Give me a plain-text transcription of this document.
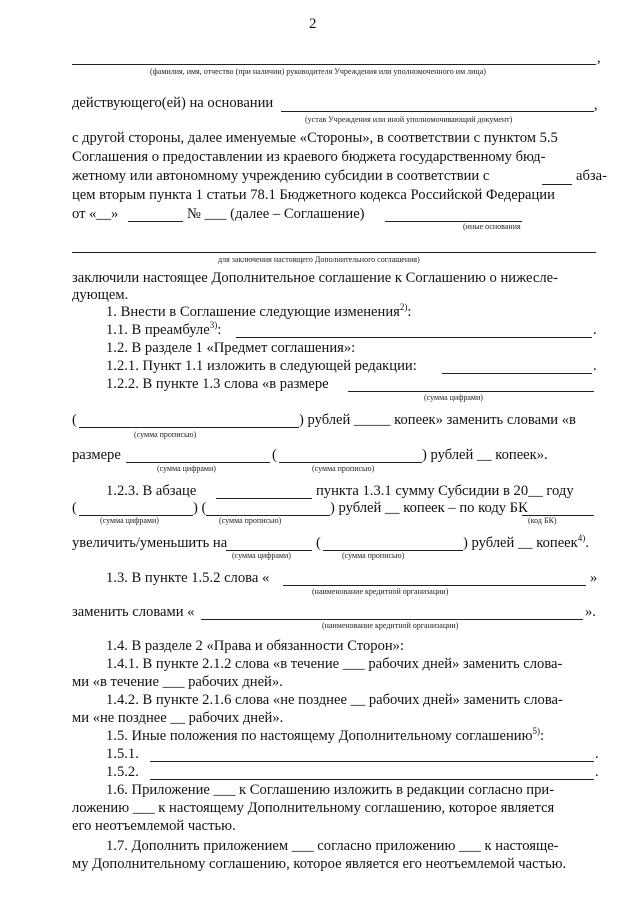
2
,
(фамилия, имя, отчество (при наличии) руководителя Учреждения или уполномоченного им лица)
действующего(ей) на основании	,
(устав Учреждения или иной уполномочивающий документ)
с другой стороны, далее именуемые «Стороны», в соответствии с пунктом 5.5
Соглашения о предоставлении из краевого бюджета государственному бюд-
жетному или автономному учреждению субсидии в соответствии с	абза-
цем вторым пункта 1 статьи 78.1 Бюджетного кодекса Российской Федерации
от «__»	№ ___ (далее – Соглашение)
(иные основания
для заключения настоящего Дополнительного соглашения)
заключили настоящее Дополнительное соглашение к Соглашению о нижеслe-
дующем.
1. Внести в Соглашение следующие изменения$^{2)}$:
1.1. В преамбуле$^{3)}$:	.
1.2. В разделе 1 «Предмет соглашения»:
1.2.1. Пункт 1.1 изложить в следующей редакции:	.
1.2.2. В пункте 1.3 слова «в размере
(сумма цифрами)
(	) рублей _____ копеек» заменить словами «в
(сумма прописью)
размере	(	) рублей __ копеек».
(сумма цифрами)	(сумма прописью)
1.2.3. В абзаце	пункта 1.3.1 сумму Субсидии в 20__ году
(	) (	) рублей __ копеек – по коду БК
(сумма цифрами)	(сумма прописью)	(код БК)
увеличить/уменьшить на	(	) рублей __ копеек$^{4)}$.
(сумма цифрами)	(сумма прописью)
1.3. В пункте 1.5.2 слова «	»
(наименование кредитной организации)
заменить словами «	».
(наименование кредитной организации)
1.4. В разделе 2 «Права и обязанности Сторон»:
1.4.1. В пункте 2.1.2 слова «в течение ___ рабочих дней» заменить слова-
ми «в течение ___ рабочих дней».
1.4.2. В пункте 2.1.6 слова «не позднее __ рабочих дней» заменить слова-
ми «не позднее __ рабочих дней».
1.5. Иные положения по настоящему Дополнительному соглашению$^{5)}$:
1.5.1.	.
1.5.2.	.
1.6. Приложение ___ к Соглашению изложить в редакции согласно при-
ложению ___ к настоящему Дополнительному соглашению, которое является
его неотъемлемой частью.
1.7. Дополнить приложением ___ согласно приложению ___ к настояще-
му Дополнительному соглашению, которое является его неотъемлемой частью.
